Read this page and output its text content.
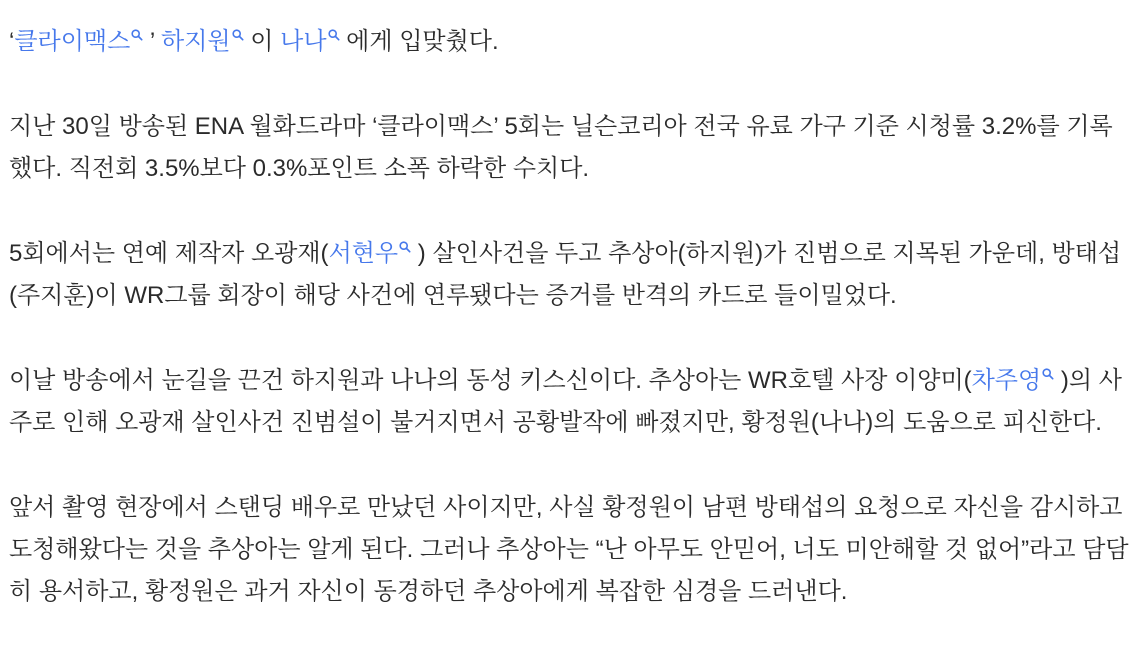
‘클라이맥스 ’ 하지원 이 나나 에게 입맞췄다.

지난 30일 방송된 ENA 월화드라마 ‘클라이맥스’ 5회는 닐슨코리아 전국 유료 가구 기준 시청률 3.2%를 기록했다. 직전회 3.5%보다 0.3%포인트 소폭 하락한 수치다.

5회에서는 연예 제작자 오광재(서현우 ) 살인사건을 두고 추상아(하지원)가 진범으로 지목된 가운데, 방태섭(주지훈)이 WR그룹 회장이 해당 사건에 연루됐다는 증거를 반격의 카드로 들이밀었다.

이날 방송에서 눈길을 끈건 하지원과 나나의 동성 키스신이다. 추상아는 WR호텔 사장 이양미(차주영 )의 사주로 인해 오광재 살인사건 진범설이 불거지면서 공황발작에 빠졌지만, 황정원(나나)의 도움으로 피신한다.

앞서 촬영 현장에서 스탠딩 배우로 만났던 사이지만, 사실 황정원이 남편 방태섭의 요청으로 자신을 감시하고 도청해왔다는 것을 추상아는 알게 된다. 그러나 추상아는 “난 아무도 안믿어, 너도 미안해할 것 없어”라고 담담히 용서하고, 황정원은 과거 자신이 동경하던 추상아에게 복잡한 심경을 드러낸다.
